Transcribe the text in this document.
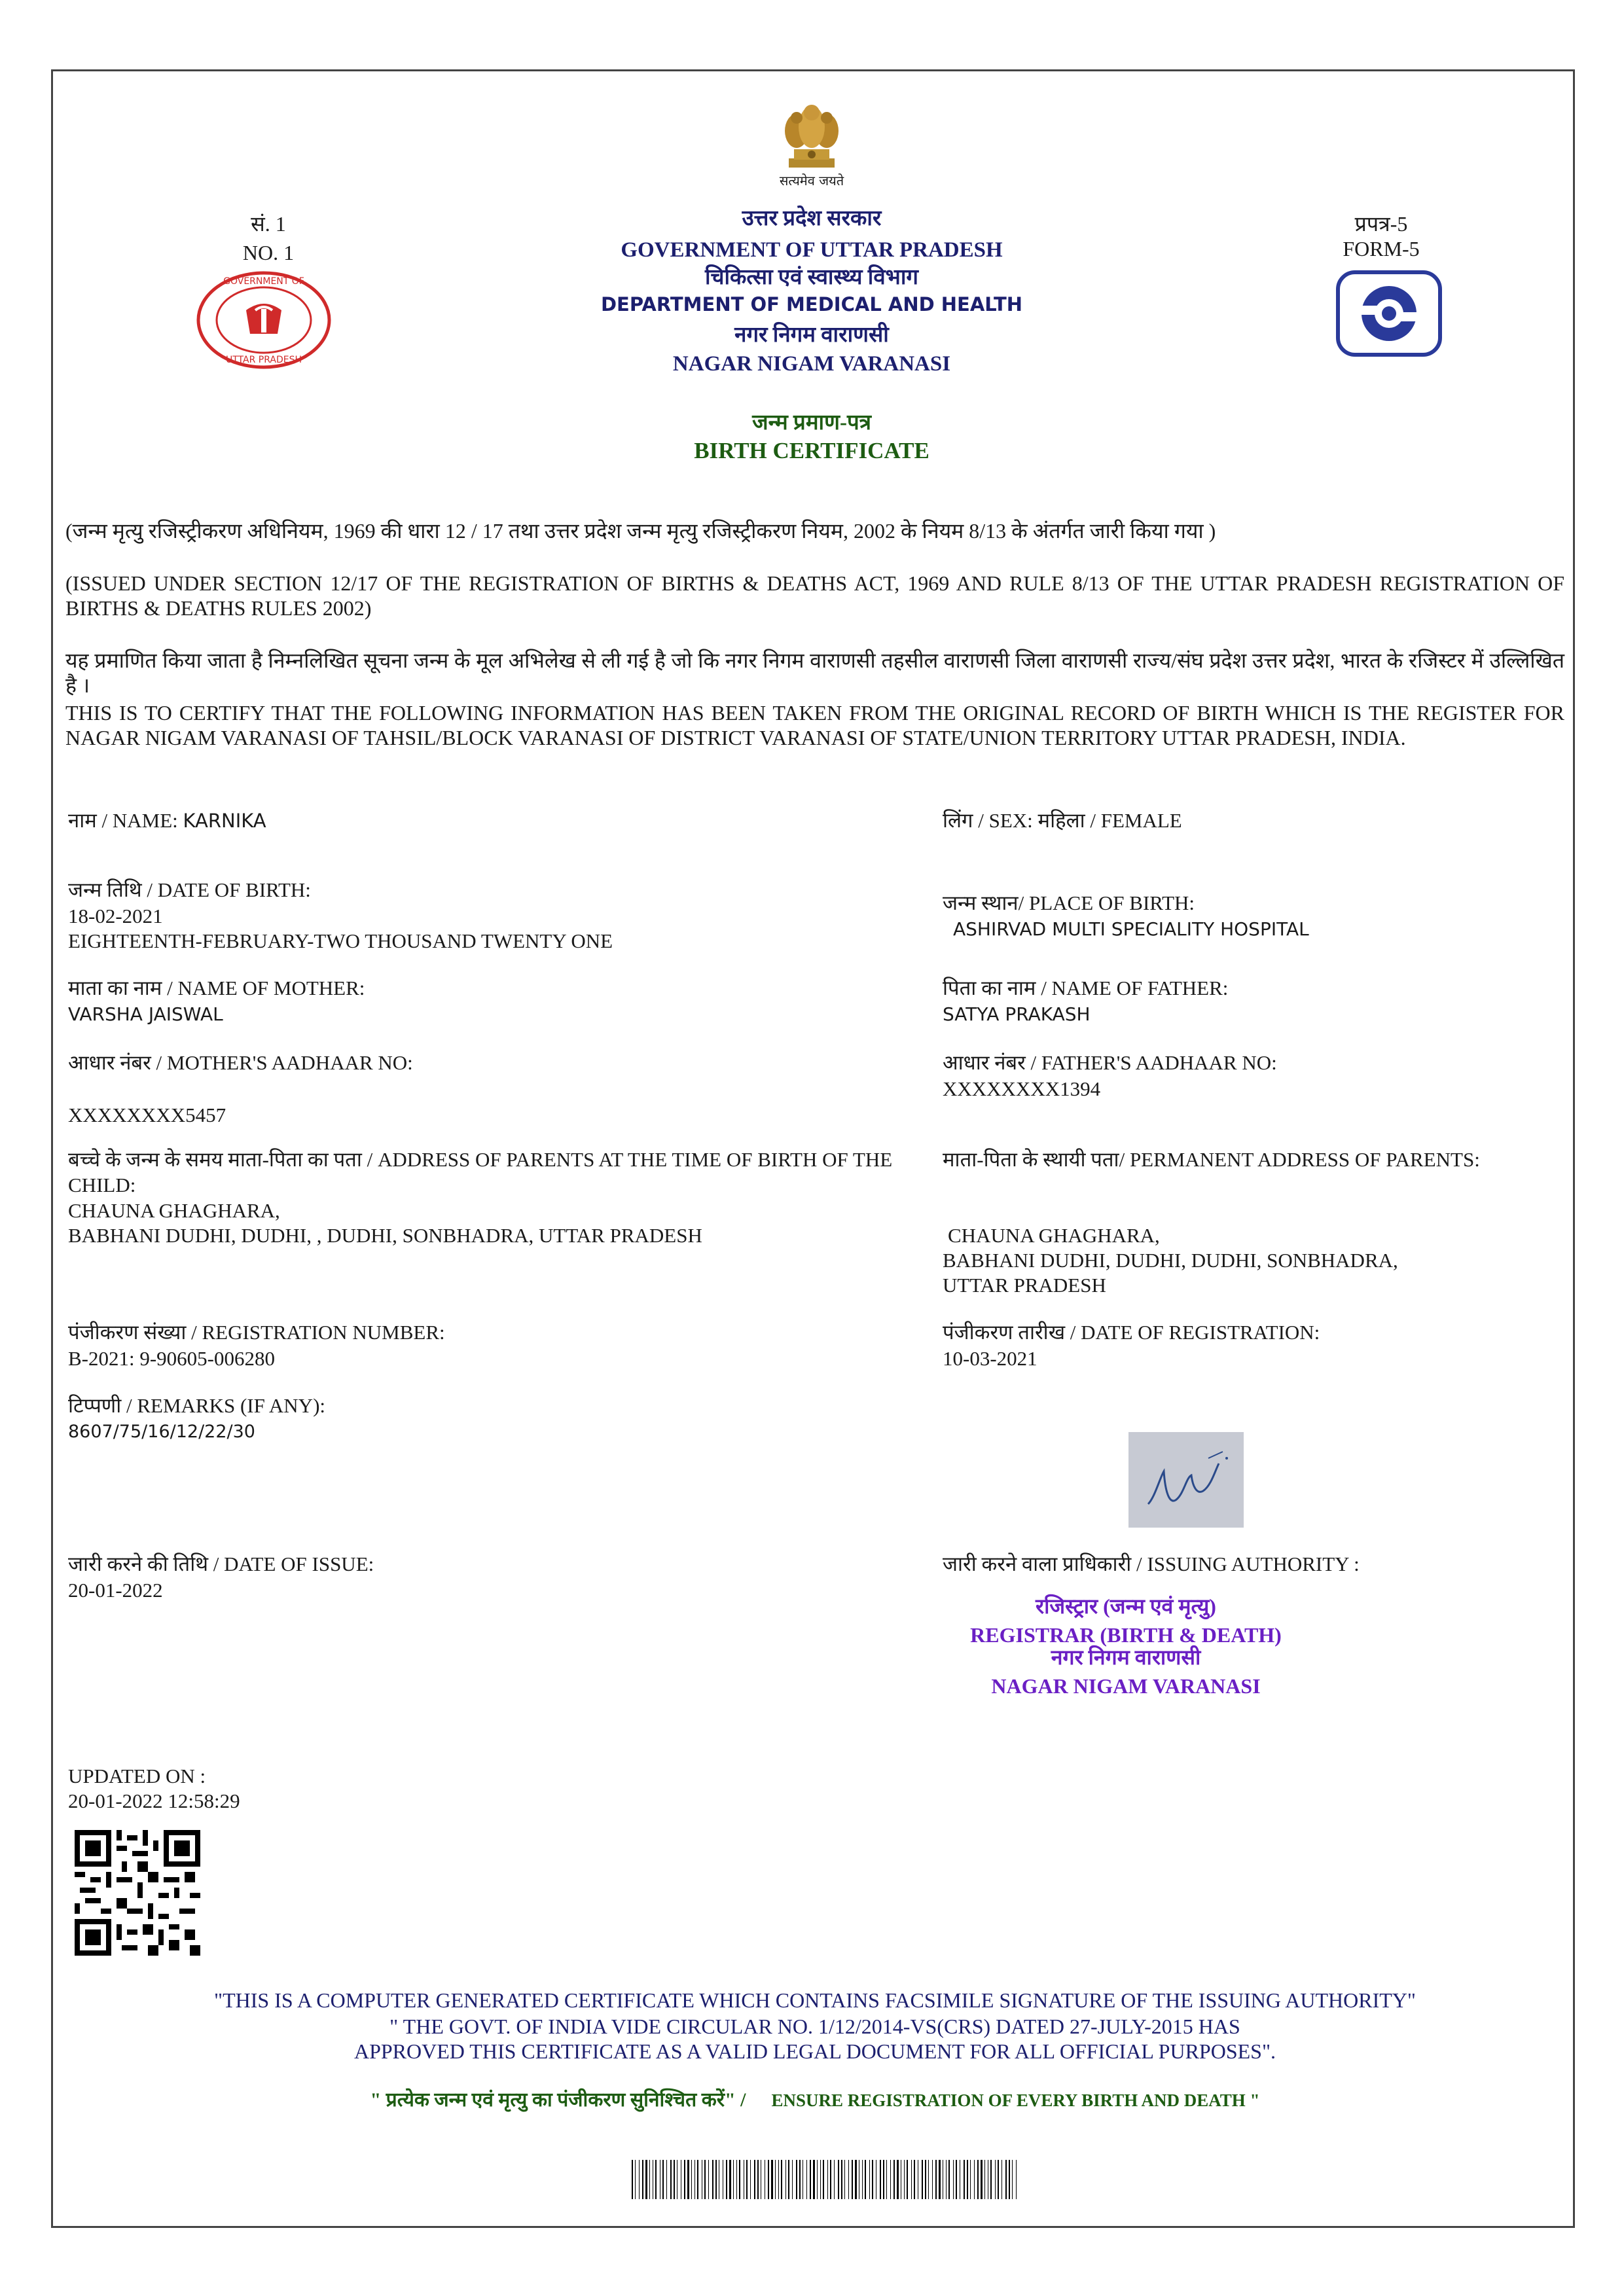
सत्यमेव जयते
सं. 1
NO. 1
GOVERNMENT OF
UTTAR PRADESH
प्रपत्र-5
FORM-5
उत्तर प्रदेश सरकार
GOVERNMENT OF UTTAR PRADESH
चिकित्सा एवं स्वास्थ्य विभाग
DEPARTMENT OF MEDICAL AND HEALTH
नगर निगम वाराणसी
NAGAR NIGAM VARANASI
जन्म प्रमाण-पत्र
BIRTH CERTIFICATE
(जन्म मृत्यु रजिस्ट्रीकरण अधिनियम, 1969 की धारा 12 / 17 तथा उत्तर प्रदेश जन्म मृत्यु रजिस्ट्रीकरण नियम, 2002 के नियम 8/13 के अंतर्गत जारी किया गया )
(ISSUED UNDER SECTION 12/17 OF THE REGISTRATION OF BIRTHS & DEATHS ACT, 1969 AND RULE 8/13 OF THE UTTAR PRADESH REGISTRATION OF BIRTHS & DEATHS RULES 2002)
यह प्रमाणित किया जाता है निम्नलिखित सूचना जन्म के मूल अभिलेख से ली गई है जो कि नगर निगम वाराणसी तहसील वाराणसी जिला वाराणसी राज्य/संघ प्रदेश उत्तर प्रदेश, भारत के रजिस्टर में उल्लिखित है ।
THIS IS TO CERTIFY THAT THE FOLLOWING INFORMATION HAS BEEN TAKEN FROM THE ORIGINAL RECORD OF BIRTH WHICH IS THE REGISTER FOR NAGAR NIGAM VARANASI OF TAHSIL/BLOCK VARANASI OF DISTRICT VARANASI OF STATE/UNION TERRITORY UTTAR PRADESH, INDIA.
नाम / NAME: KARNIKA	लिंग / SEX: महिला / FEMALE
जन्म तिथि / DATE OF BIRTH:
18-02-2021
EIGHTEENTH-FEBRUARY-TWO THOUSAND TWENTY ONE
जन्म स्थान/ PLACE OF BIRTH:
ASHIRVAD MULTI SPECIALITY HOSPITAL
माता का नाम / NAME OF MOTHER:
VARSHA JAISWAL
पिता का नाम / NAME OF FATHER:
SATYA PRAKASH
आधार नंबर / MOTHER'S AADHAAR NO:
XXXXXXXX5457
आधार नंबर / FATHER'S AADHAAR NO:
XXXXXXXX1394
बच्चे के जन्म के समय माता-पिता का पता / ADDRESS OF PARENTS AT THE TIME OF BIRTH OF THE CHILD:
CHAUNA GHAGHARA,
BABHANI DUDHI, DUDHI, , DUDHI, SONBHADRA, UTTAR PRADESH
माता-पिता के स्थायी पता/ PERMANENT ADDRESS OF PARENTS:
CHAUNA GHAGHARA,
BABHANI DUDHI, DUDHI, DUDHI, SONBHADRA,
UTTAR PRADESH
पंजीकरण संख्या / REGISTRATION NUMBER:
B-2021: 9-90605-006280
पंजीकरण तारीख / DATE OF REGISTRATION:
10-03-2021
टिप्पणी / REMARKS (IF ANY):
8607/75/16/12/22/30
जारी करने की तिथि / DATE OF ISSUE:
20-01-2022
जारी करने वाला प्राधिकारी / ISSUING AUTHORITY :
रजिस्ट्रार (जन्म एवं मृत्यु)
REGISTRAR (BIRTH & DEATH)
नगर निगम वाराणसी
NAGAR NIGAM VARANASI
UPDATED ON :
20-01-2022 12:58:29
"THIS IS A COMPUTER GENERATED CERTIFICATE WHICH CONTAINS FACSIMILE SIGNATURE OF THE ISSUING AUTHORITY"
" THE GOVT. OF INDIA VIDE CIRCULAR NO. 1/12/2014-VS(CRS) DATED 27-JULY-2015 HAS
APPROVED THIS CERTIFICATE AS A VALID LEGAL DOCUMENT FOR ALL OFFICIAL PURPOSES".
" प्रत्येक जन्म एवं मृत्यु का पंजीकरण सुनिश्चित करें" / ENSURE REGISTRATION OF EVERY BIRTH AND DEATH "
